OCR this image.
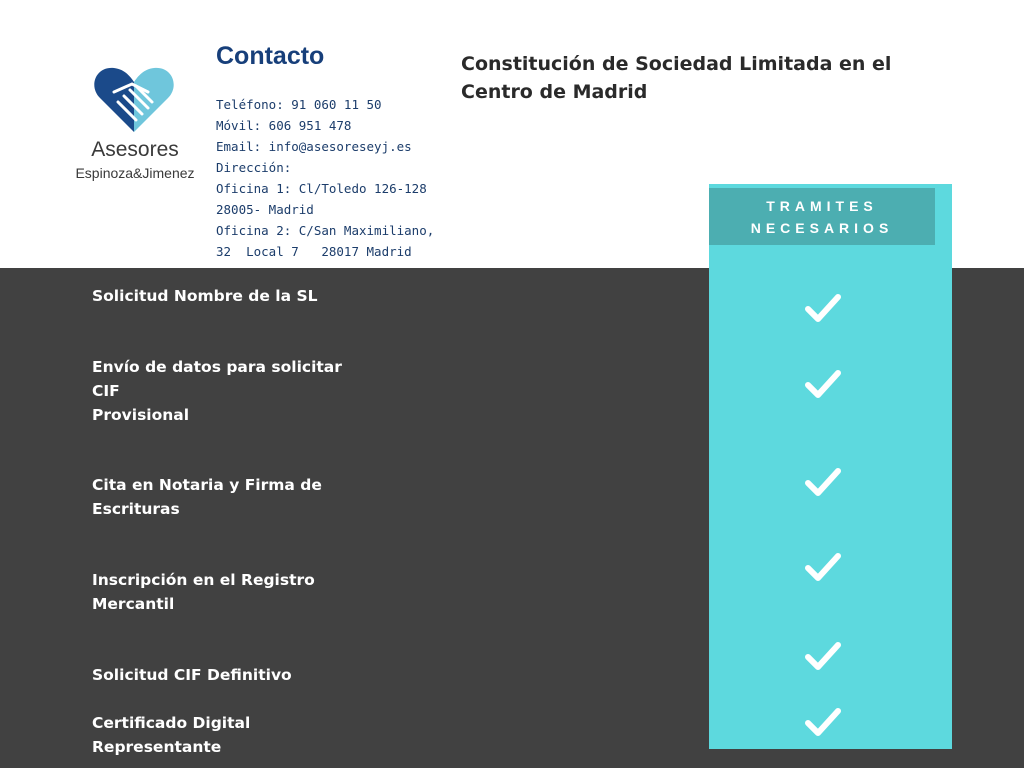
Asesores
Espinoza&Jimenez
Contacto
Teléfono: 91 060 11 50
Móvil: 606 951 478
Email: info@asesoreseyj.es
Dirección:
Oficina 1: Cl/Toledo 126-128
28005- Madrid
Oficina 2: C/San Maximiliano,
32  Local 7   28017 Madrid
Constitución de Sociedad Limitada en el Centro de Madrid
TRAMITES
NECESARIOS
Solicitud Nombre de la SL
Envío de datos para solicitar
CIF
Provisional
Cita en Notaria y Firma de
Escrituras
Inscripción en el Registro
Mercantil
Solicitud CIF Definitivo
Certificado Digital
Representante
